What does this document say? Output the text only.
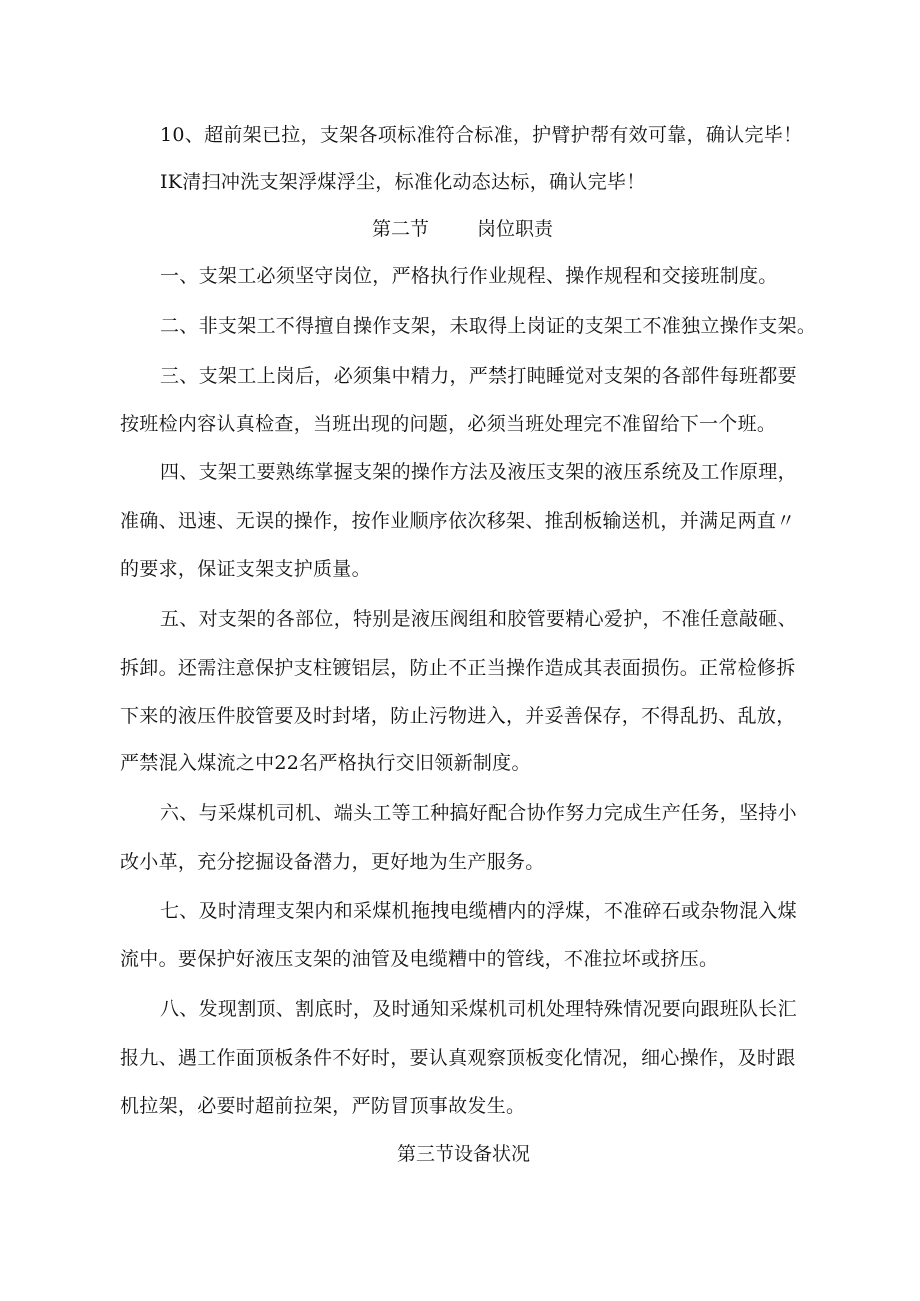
10、超前架已拉，支架各项标准符合标准，护臂护帮有效可靠，确认完毕！
IK清扫冲洗支架浮煤浮尘，标准化动态达标，确认完毕！
第二节	岗位职责
一、支架工必须坚守岗位，严格执行作业规程、操作规程和交接班制度。
二、非支架工不得擅自操作支架，未取得上岗证的支架工不准独立操作支架。
三、支架工上岗后，必须集中精力，严禁打盹睡觉对支架的各部件每班都要
按班检内容认真检查，当班出现的问题，必须当班处理完不准留给下一个班。
四、支架工要熟练掌握支架的操作方法及液压支架的液压系统及工作原理，
准确、迅速、无误的操作，按作业顺序依次移架、推刮板输送机，并满足两直〃
的要求，保证支架支护质量。
五、对支架的各部位，特别是液压阀组和胶管要精心爱护，不准任意敲砸、
拆卸。还需注意保护支柱镀铝层，防止不正当操作造成其表面损伤。正常检修拆
下来的液压件胶管要及时封堵，防止污物进入，并妥善保存，不得乱扔、乱放，
严禁混入煤流之中22名严格执行交旧领新制度。
六、与采煤机司机、端头工等工种搞好配合协作努力完成生产任务，坚持小
改小革，充分挖掘设备潜力，更好地为生产服务。
七、及时清理支架内和采煤机拖拽电缆槽内的浮煤，不准碎石或杂物混入煤
流中。要保护好液压支架的油管及电缆糟中的管线，不准拉坏或挤压。
八、发现割顶、割底时，及时通知采煤机司机处理特殊情况要向跟班队长汇
报九、遇工作面顶板条件不好时，要认真观察顶板变化情况，细心操作，及时跟
机拉架，必要时超前拉架，严防冒顶事故发生。
第三节设备状况
